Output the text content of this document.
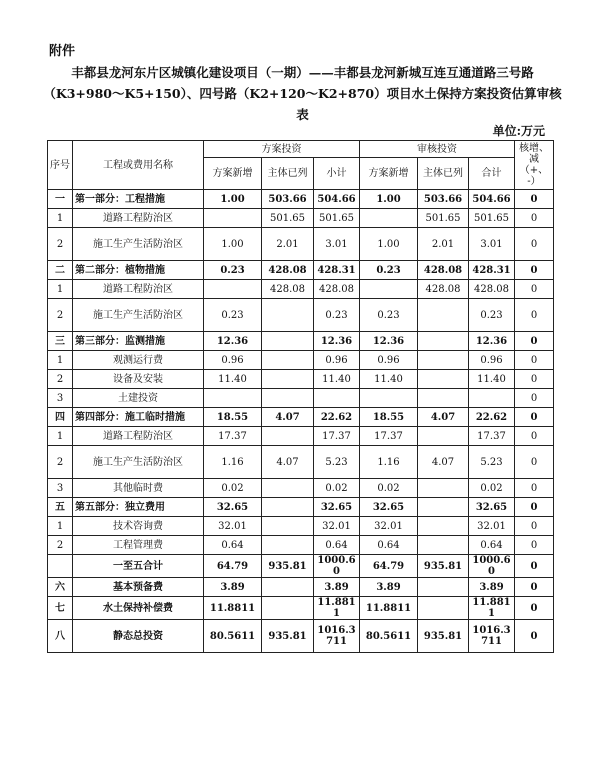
附件
丰都县龙河东片区城镇化建设项目（一期）——丰都县龙河新城互连互通道路三号路
（K3+980～K5+150）、四号路（K2+120～K2+870）项目水土保持方案投资估算审核表
单位:万元
序号	工程或费用名称	方案投资			审核投资			核增、减（+、-）
		方案新增	主体已列	小计	方案新增	主体已列	合计	
一	第一部分：工程措施	1.00	503.66	504.66	1.00	503.66	504.66	0
1	道路工程防治区		501.65	501.65		501.65	501.65	0
2	施工生产生活防治区	1.00	2.01	3.01	1.00	2.01	3.01	0
二	第二部分：植物措施	0.23	428.08	428.31	0.23	428.08	428.31	0
1	道路工程防治区		428.08	428.08		428.08	428.08	0
2	施工生产生活防治区	0.23		0.23	0.23		0.23	0
三	第三部分：监测措施	12.36		12.36	12.36		12.36	0
1	观测运行费	0.96		0.96	0.96		0.96	0
2	设备及安装	11.40		11.40	11.40		11.40	0
3	土建投资							0
四	第四部分：施工临时措施	18.55	4.07	22.62	18.55	4.07	22.62	0
1	道路工程防治区	17.37		17.37	17.37		17.37	0
2	施工生产生活防治区	1.16	4.07	5.23	1.16	4.07	5.23	0
3	其他临时费	0.02		0.02	0.02		0.02	0
五	第五部分：独立费用	32.65		32.65	32.65		32.65	0
1	技术咨询费	32.01		32.01	32.01		32.01	0
2	工程管理费	0.64		0.64	0.64		0.64	0
	一至五合计	64.79	935.81	1000.60	64.79	935.81	1000.60	0
六	基本预备费	3.89		3.89	3.89		3.89	0
七	水土保持补偿费	11.8811		11.8811	11.8811		11.8811	0
八	静态总投资	80.5611	935.81	1016.3711	80.5611	935.81	1016.3711	0
